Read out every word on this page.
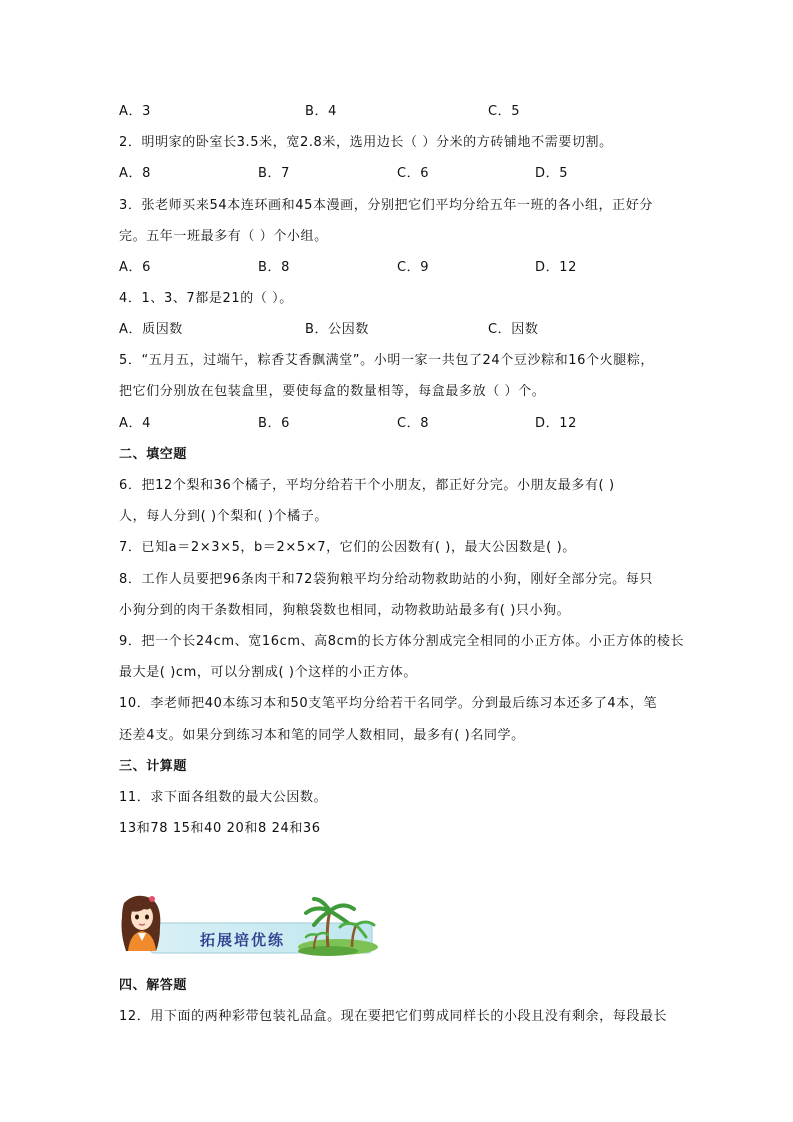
A．3	B．4	C．5
2．明明家的卧室长3.5米，宽2.8米，选用边长（ ）分米的方砖铺地不需要切割。
A．8	B．7	C．6	D．5
3．张老师买来54本连环画和45本漫画，分别把它们平均分给五年一班的各小组，正好分
完。五年一班最多有（ ）个小组。
A．6	B．8	C．9	D．12
4．1、3、7都是21的（ ）。
A．质因数	B．公因数	C．因数
5．“五月五，过端午，粽香艾香飘满堂”。小明一家一共包了24个豆沙粽和16个火腿粽，
把它们分别放在包装盒里，要使每盒的数量相等，每盒最多放（ ）个。
A．4	B．6	C．8	D．12
二、填空题
6．把12个梨和36个橘子，平均分给若干个小朋友，都正好分完。小朋友最多有( )
人，每人分到( )个梨和( )个橘子。
7．已知a＝2×3×5，b＝2×5×7，它们的公因数有( )，最大公因数是( )。
8．工作人员要把96条肉干和72袋狗粮平均分给动物救助站的小狗，刚好全部分完。每只
小狗分到的肉干条数相同，狗粮袋数也相同，动物救助站最多有( )只小狗。
9．把一个长24cm、宽16cm、高8cm的长方体分割成完全相同的小正方体。小正方体的棱长
最大是( )cm，可以分割成( )个这样的小正方体。
10．李老师把40本练习本和50支笔平均分给若干名同学。分到最后练习本还多了4本，笔
还差4支。如果分到练习本和笔的同学人数相同，最多有( )名同学。
三、计算题
11．求下面各组数的最大公因数。
13和78 15和40 20和8 24和36
拓展培优练
四、解答题
12．用下面的两种彩带包装礼品盒。现在要把它们剪成同样长的小段且没有剩余，每段最长
